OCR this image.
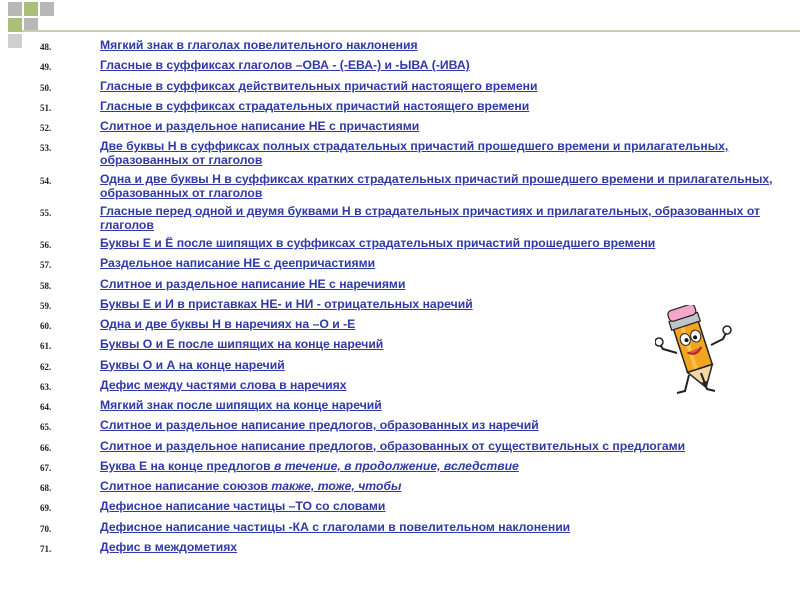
48.	Мягкий знак в глаголах повелительного наклонения
49.	Гласные в суффиксах глаголов –ОВА - (-ЕВА-) и -ЫВА (-ИВА)
50.	Гласные в суффиксах действительных причастий настоящего времени
51.	Гласные в суффиксах страдательных причастий настоящего времени
52.	Слитное и раздельное написание НЕ с причастиями
53.	Две буквы Н в суффиксах полных страдательных причастий прошедшего времени и прилагательных, образованных от глаголов
54.	Одна и две буквы Н в суффиксах кратких страдательных причастий прошедшего времени и прилагательных, образованных от глаголов
55.	Гласные перед одной и двумя буквами Н в страдательных причастиях и прилагательных, образованных от глаголов
56.	Буквы Е и Ё после шипящих в суффиксах страдательных причастий прошедшего времени
57.	Раздельное написание НЕ с деепричастиями
58.	Слитное и раздельное написание НЕ с наречиями
59.	Буквы Е и И в приставках НЕ- и НИ - отрицательных наречий
60.	Одна и две буквы Н в наречиях на –О и -Е
61.	Буквы О и Е после шипящих на конце наречий
62.	Буквы О и А на конце наречий
63.	Дефис между частями слова в наречиях
64.	Мягкий знак после шипящих на конце наречий
65.	Слитное и раздельное написание предлогов, образованных из наречий
66.	Слитное и раздельное написание предлогов, образованных от существительных с предлогами
67.	Буква Е на конце предлогов в течение, в продолжение, вследствие
68.	Слитное написание союзов также, тоже, чтобы
69.	Дефисное написание частицы –ТО со словами
70.	Дефисное написание частицы -КА с глаголами в повелительном наклонении
71.	Дефис в междометиях
